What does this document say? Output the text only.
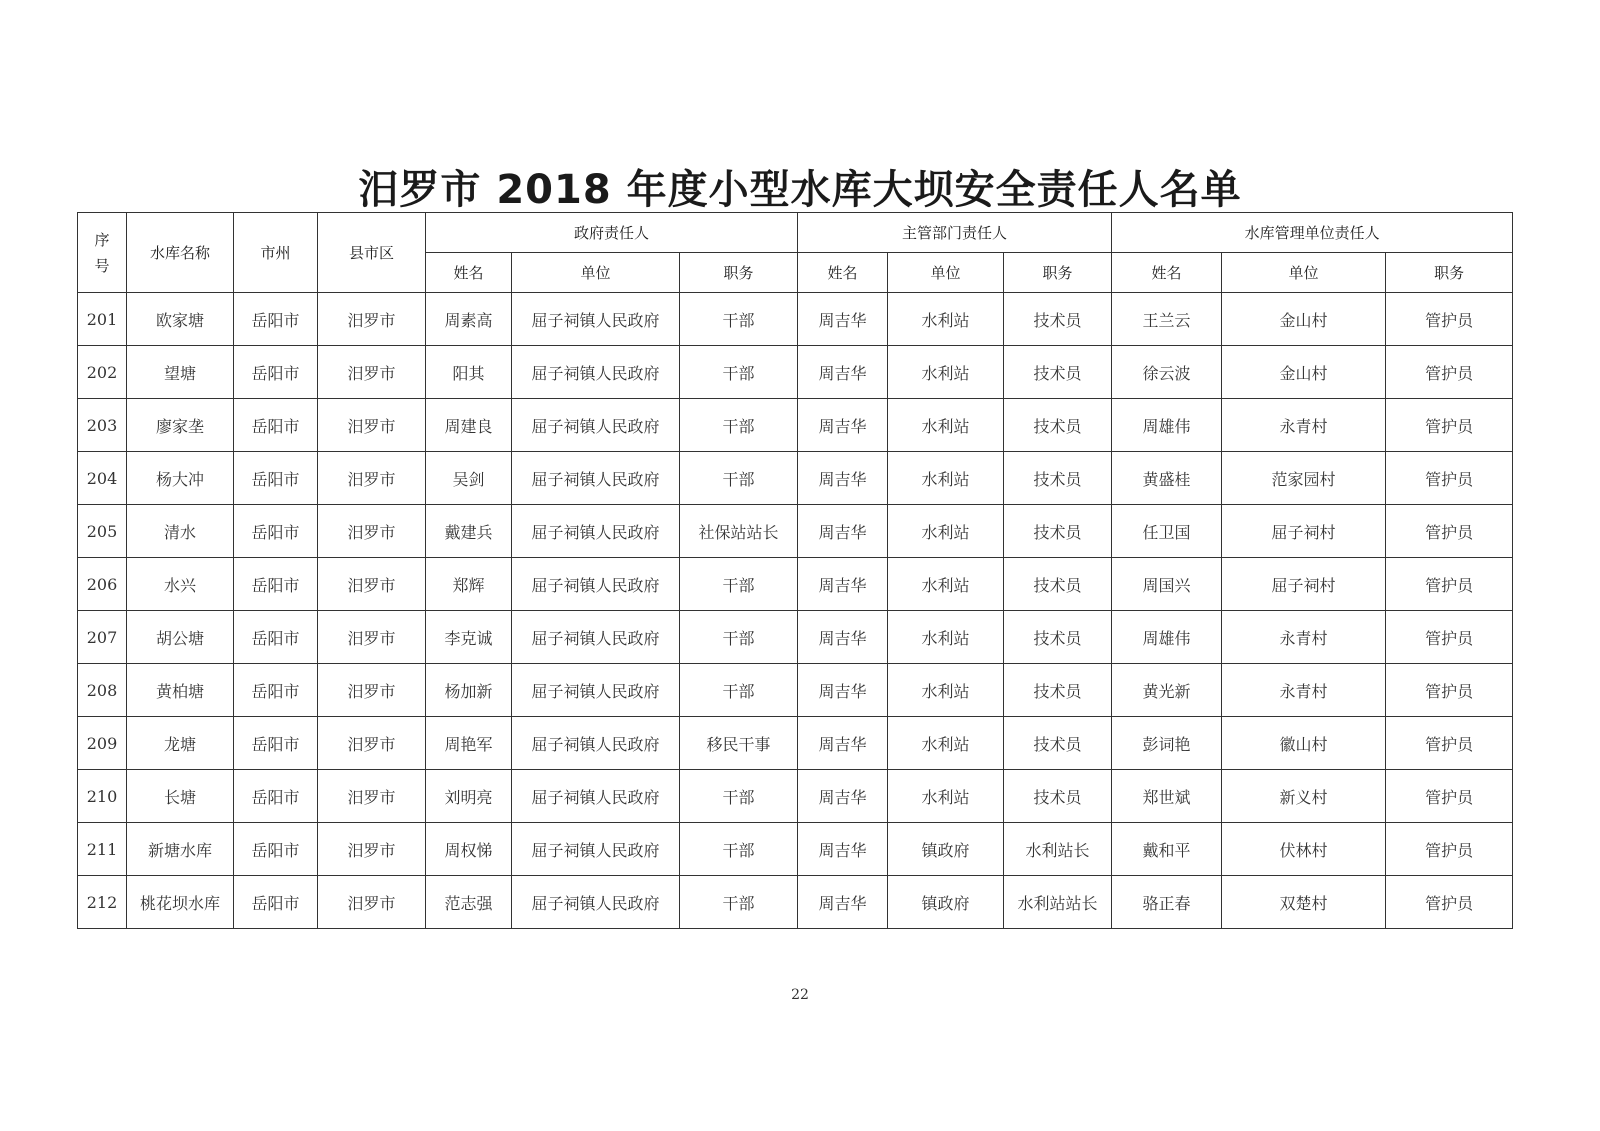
汨罗市 2018 年度小型水库大坝安全责任人名单
序
号	水库名称	市州	县市区	政府责任人			主管部门责任人			水库管理单位责任人		
				姓名	单位	职务	姓名	单位	职务	姓名	单位	职务
201	欧家塘	岳阳市	汨罗市	周素高	屈子祠镇人民政府	干部	周吉华	水利站	技术员	王兰云	金山村	管护员
202	望塘	岳阳市	汨罗市	阳其	屈子祠镇人民政府	干部	周吉华	水利站	技术员	徐云波	金山村	管护员
203	廖家垄	岳阳市	汨罗市	周建良	屈子祠镇人民政府	干部	周吉华	水利站	技术员	周雄伟	永青村	管护员
204	杨大冲	岳阳市	汨罗市	吴剑	屈子祠镇人民政府	干部	周吉华	水利站	技术员	黄盛桂	范家园村	管护员
205	清水	岳阳市	汨罗市	戴建兵	屈子祠镇人民政府	社保站站长	周吉华	水利站	技术员	任卫国	屈子祠村	管护员
206	水兴	岳阳市	汨罗市	郑辉	屈子祠镇人民政府	干部	周吉华	水利站	技术员	周国兴	屈子祠村	管护员
207	胡公塘	岳阳市	汨罗市	李克诚	屈子祠镇人民政府	干部	周吉华	水利站	技术员	周雄伟	永青村	管护员
208	黄柏塘	岳阳市	汨罗市	杨加新	屈子祠镇人民政府	干部	周吉华	水利站	技术员	黄光新	永青村	管护员
209	龙塘	岳阳市	汨罗市	周艳军	屈子祠镇人民政府	移民干事	周吉华	水利站	技术员	彭词艳	徽山村	管护员
210	长塘	岳阳市	汨罗市	刘明亮	屈子祠镇人民政府	干部	周吉华	水利站	技术员	郑世斌	新义村	管护员
211	新塘水库	岳阳市	汨罗市	周权悌	屈子祠镇人民政府	干部	周吉华	镇政府	水利站长	戴和平	伏林村	管护员
212	桃花坝水库	岳阳市	汨罗市	范志强	屈子祠镇人民政府	干部	周吉华	镇政府	水利站站长	骆正春	双楚村	管护员
22
